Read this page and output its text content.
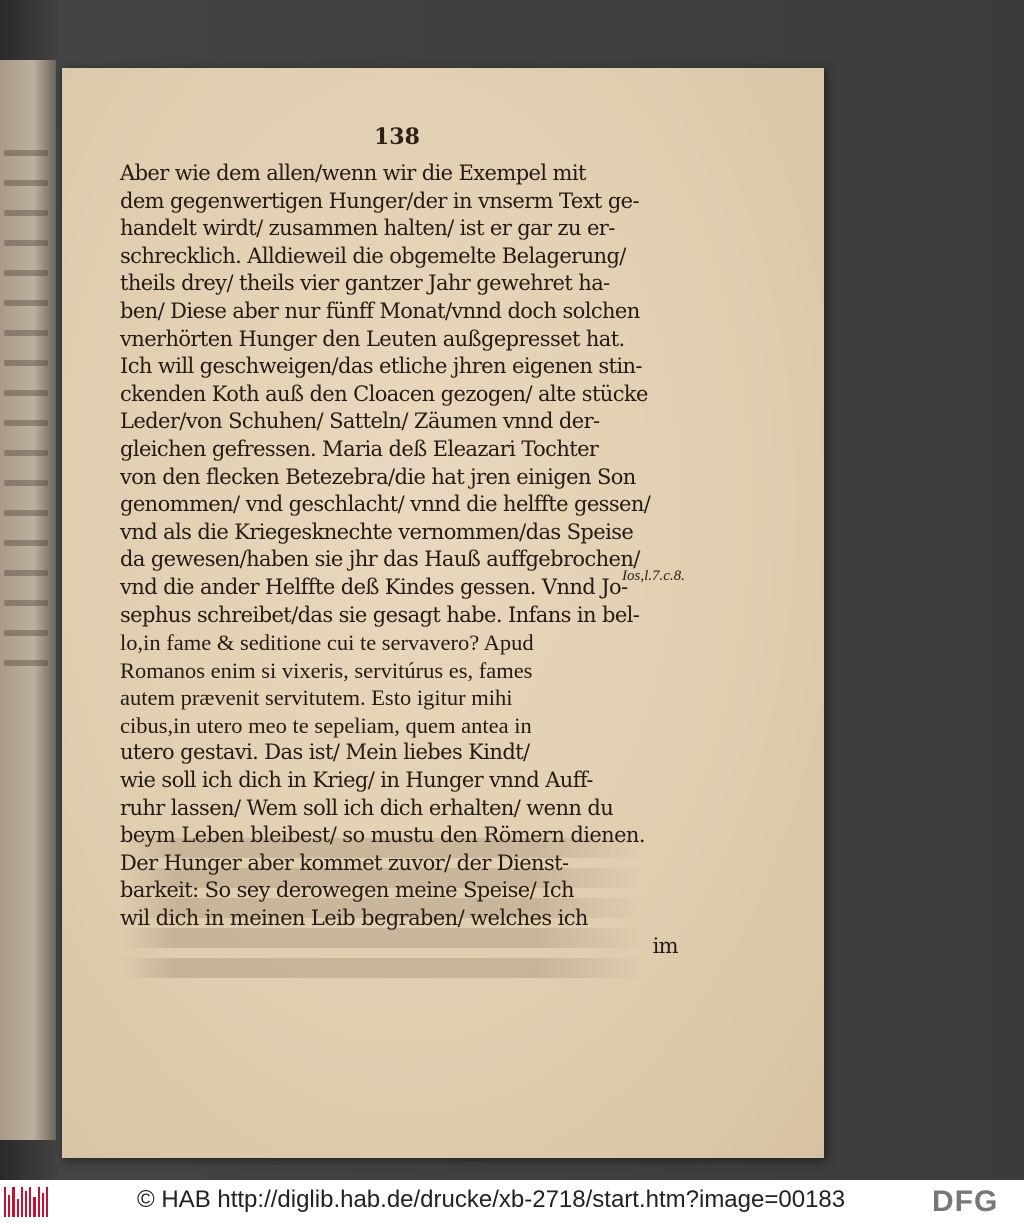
138
Aber wie dem allen/wenn wir die Exempel mit
dem gegenwertigen Hunger/der in vnserm Text ge-
handelt wirdt/ zusammen halten/ ist er gar zu er-
schrecklich. Alldieweil die obgemelte Belagerung/
theils drey/ theils vier gantzer Jahr gewehret ha-
ben/ Diese aber nur fünff Monat/vnnd doch solchen
vnerhörten Hunger den Leuten außgepresset hat.
Ich will geschweigen/das etliche jhren eigenen stin-
ckenden Koth auß den Cloacen gezogen/ alte stücke
Leder/von Schuhen/ Satteln/ Zäumen vnnd der-
gleichen gefressen. Maria deß Eleazari Tochter
von den flecken Betezebra/die hat jren einigen Son
genommen/ vnd geschlacht/ vnnd die helffte gessen/
vnd als die Kriegesknechte vernommen/das Speise
da gewesen/haben sie jhr das Hauß auffgebrochen/
vnd die ander Helffte deß Kindes gessen. Vnnd Jo-
sephus schreibet/das sie gesagt habe. Infans in bel-
lo,in fame & seditione cui te servavero? Apud
Romanos enim si vixeris, servitúrus es, fames
autem prævenit servitutem. Esto igitur mihi
cibus,in utero meo te sepeliam, quem antea in
utero gestavi. Das ist/ Mein liebes Kindt/
wie soll ich dich in Krieg/ in Hunger vnnd Auff-
ruhr lassen/ Wem soll ich dich erhalten/ wenn du
beym Leben bleibest/ so mustu den Römern dienen.
Der Hunger aber kommet zuvor/ der Dienst-
barkeit: So sey derowegen meine Speise/ Ich
wil dich in meinen Leib begraben/ welches ich
im
Ios,l.7.c.8.
© HAB http://diglib.hab.de/drucke/xb-2718/start.htm?image=00183	DFG
